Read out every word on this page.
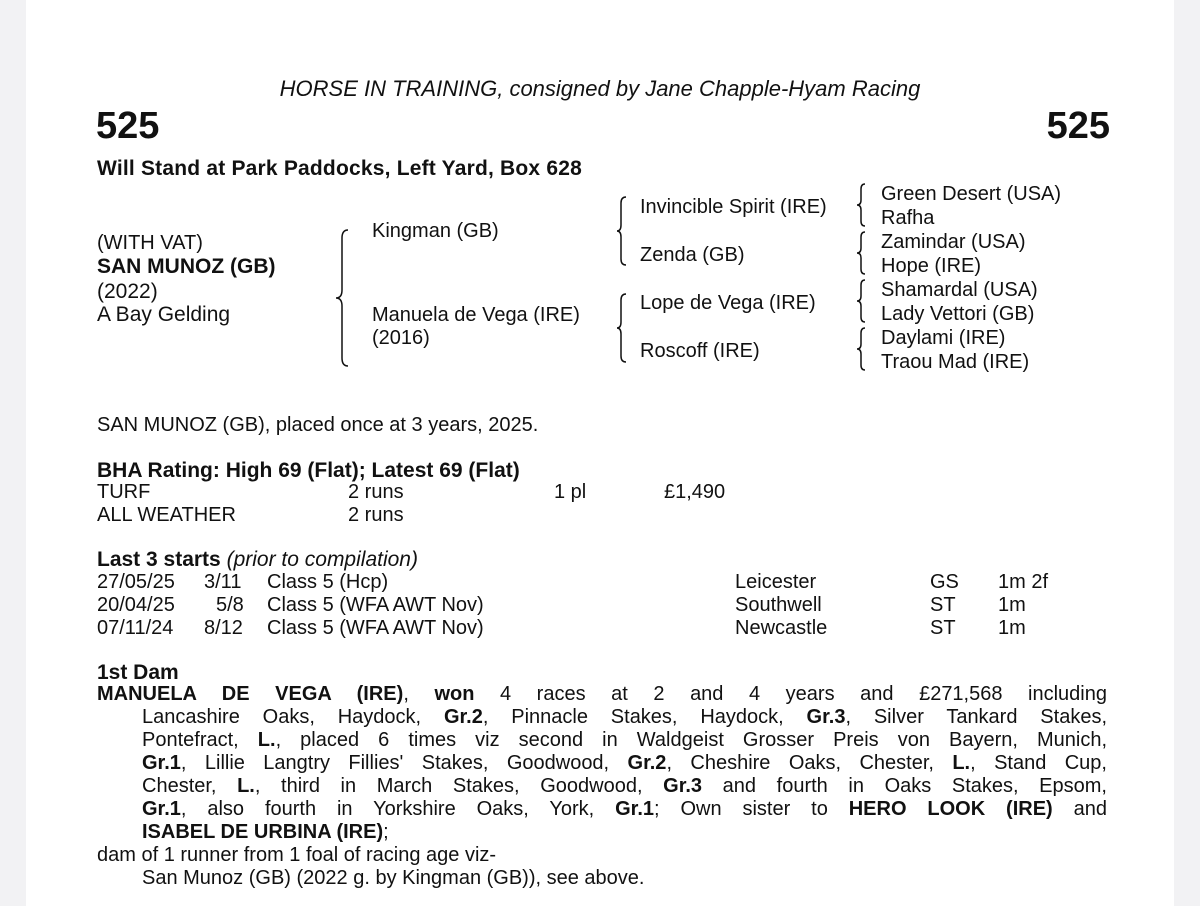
HORSE IN TRAINING, consigned by Jane Chapple-Hyam Racing
525	525
Will Stand at Park Paddocks, Left Yard, Box 628
(WITH VAT)
SAN MUNOZ (GB)
(2022)
A Bay Gelding
Kingman (GB)
Manuela de Vega (IRE)
(2016)
Invincible Spirit (IRE)
Zenda (GB)
Lope de Vega (IRE)
Roscoff (IRE)
Green Desert (USA)
Rafha
Zamindar (USA)
Hope (IRE)
Shamardal (USA)
Lady Vettori (GB)
Daylami (IRE)
Traou Mad (IRE)
SAN MUNOZ (GB), placed once at 3 years, 2025.
BHA Rating: High 69 (Flat); Latest 69 (Flat)
TURF	2 runs	1 pl	£1,490
ALL WEATHER	2 runs
Last 3 starts (prior to compilation)
27/05/25 3/11 Class 5 (Hcp)	Leicester	GS 1m 2f
20/04/25 5/8 Class 5 (WFA AWT Nov)	Southwell	ST 1m
07/11/24 8/12 Class 5 (WFA AWT Nov)	Newcastle	ST 1m
1st Dam
MANUELA DE VEGA (IRE), won 4 races at 2 and 4 years and £271,568 including
Lancashire Oaks, Haydock, Gr.2, Pinnacle Stakes, Haydock, Gr.3, Silver Tankard Stakes,
Pontefract, L., placed 6 times viz second in Waldgeist Grosser Preis von Bayern, Munich,
Gr.1, Lillie Langtry Fillies' Stakes, Goodwood, Gr.2, Cheshire Oaks, Chester, L., Stand Cup,
Chester, L., third in March Stakes, Goodwood, Gr.3 and fourth in Oaks Stakes, Epsom,
Gr.1, also fourth in Yorkshire Oaks, York, Gr.1; Own sister to HERO LOOK (IRE) and
ISABEL DE URBINA (IRE);
dam of 1 runner from 1 foal of racing age viz-
San Munoz (GB) (2022 g. by Kingman (GB)), see above.
